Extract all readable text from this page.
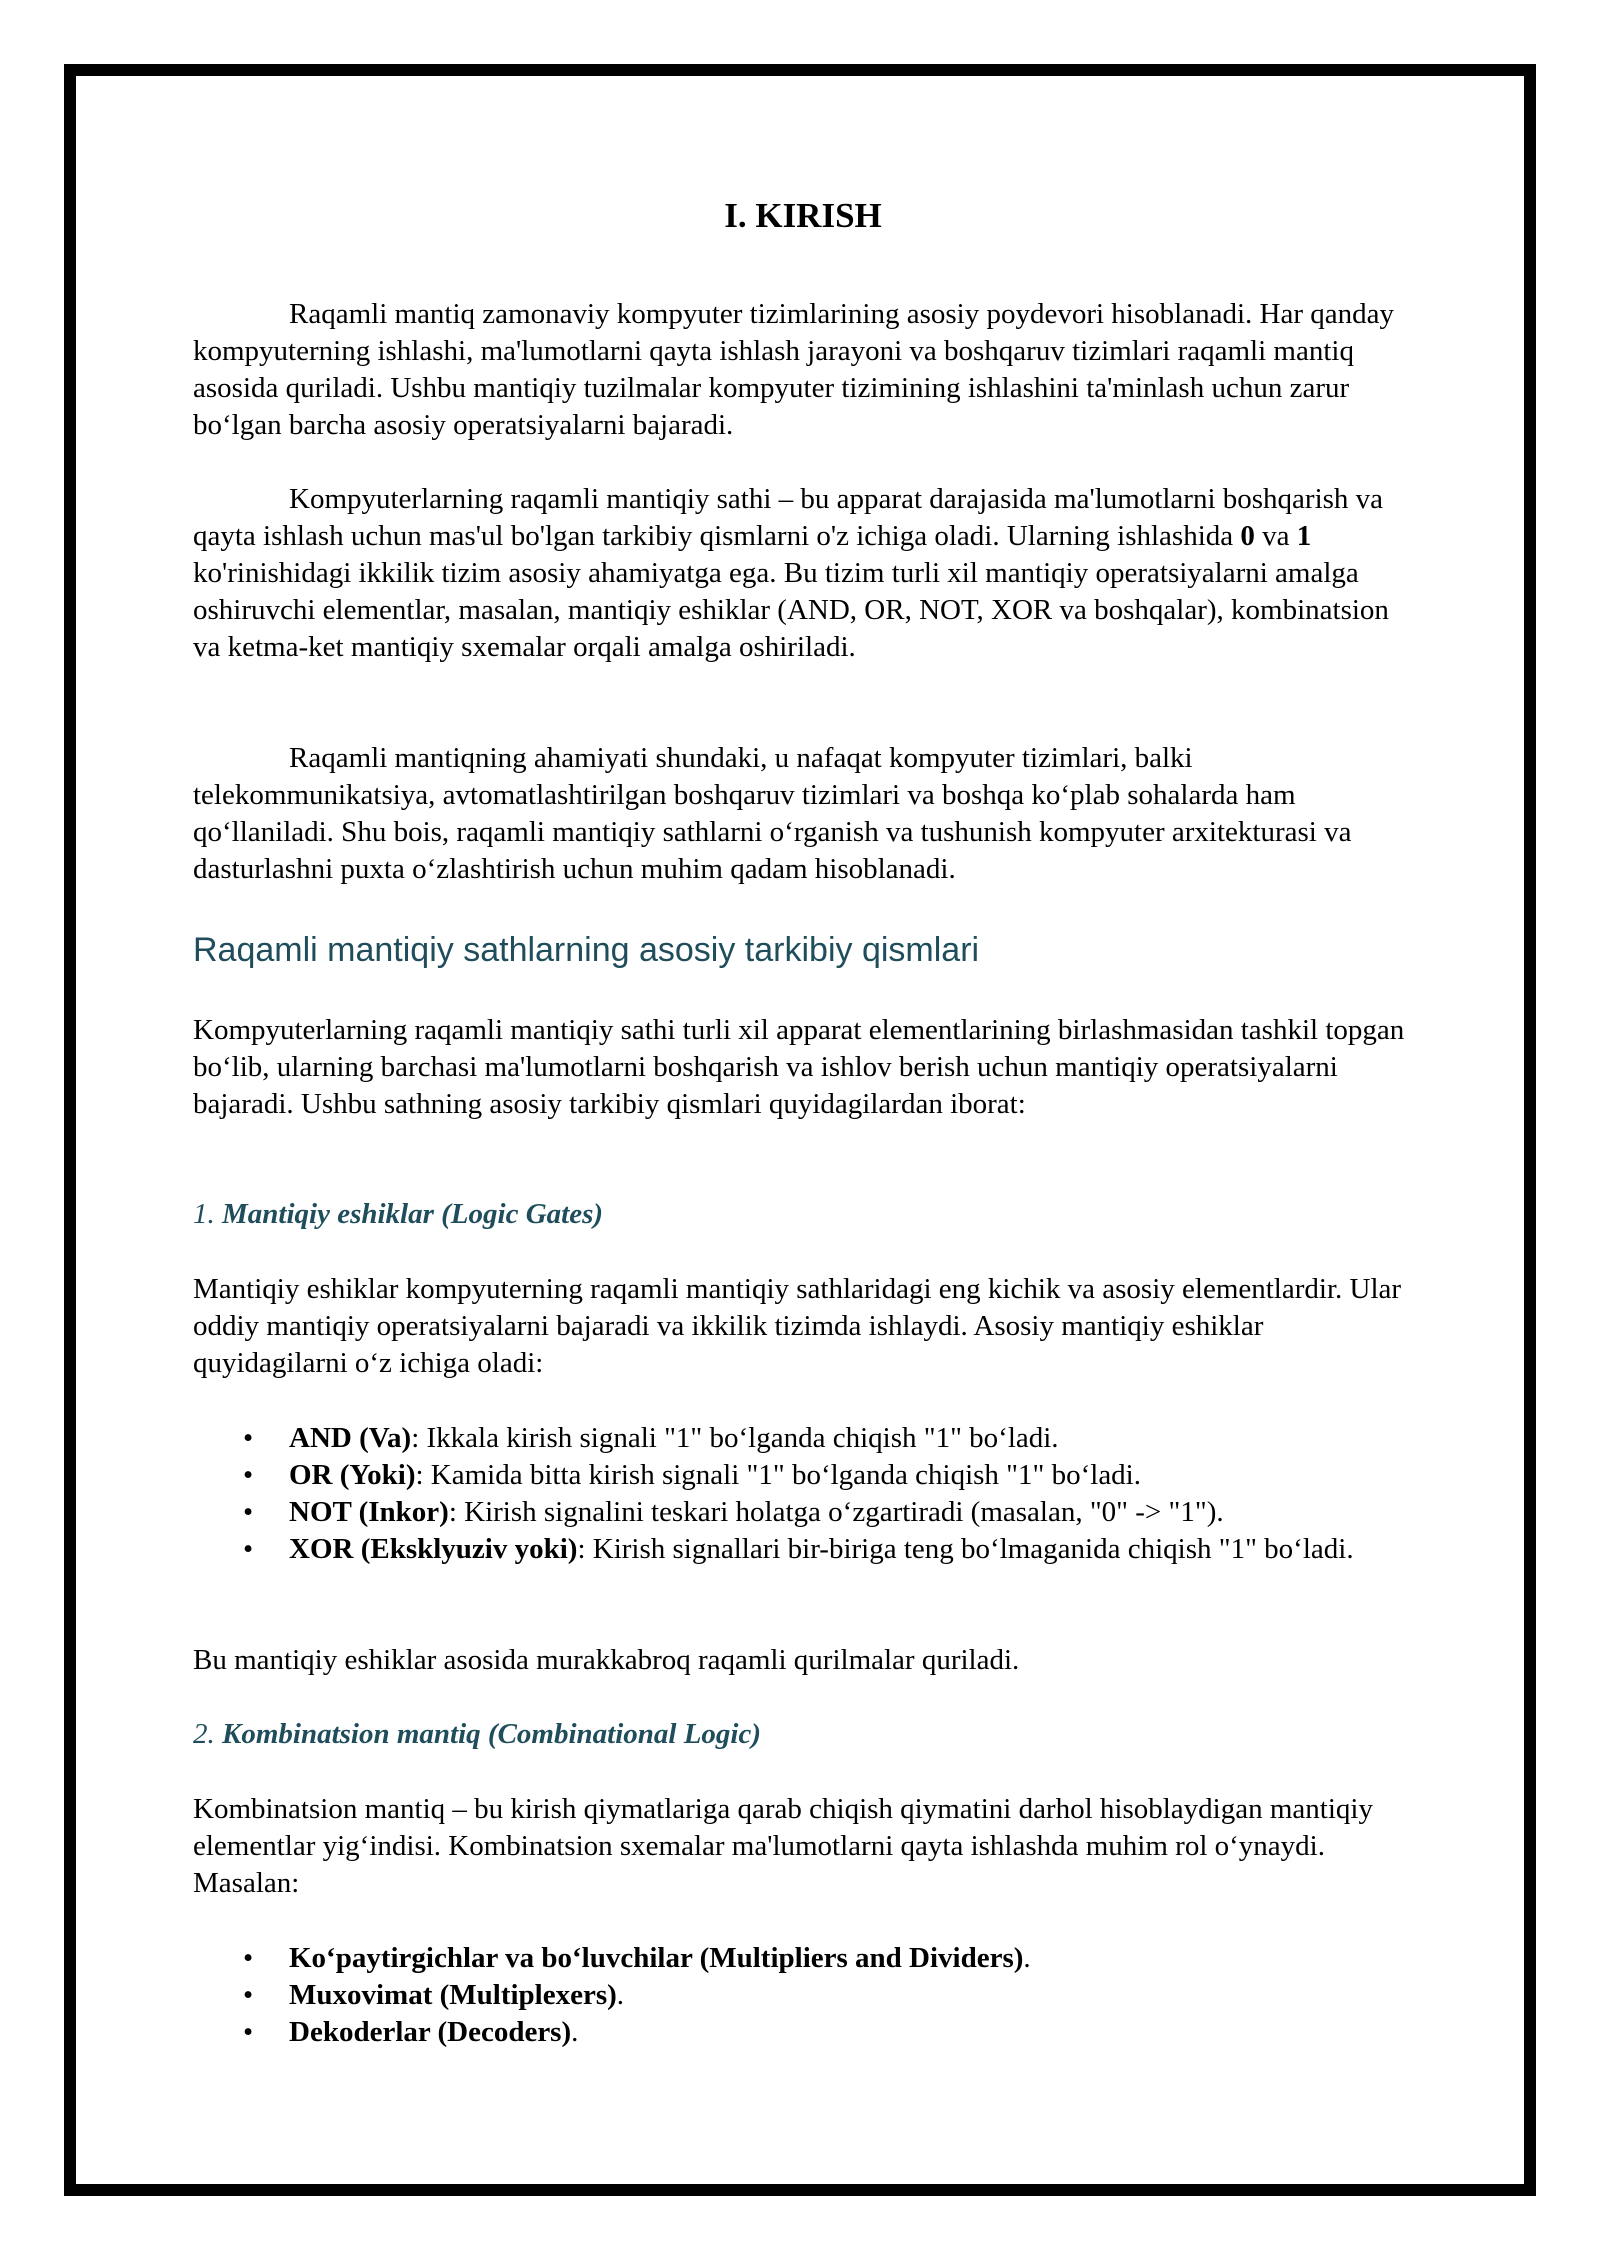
I. KIRISH

Raqamli mantiq zamonaviy kompyuter tizimlarining asosiy poydevori hisoblanadi. Har qanday kompyuterning ishlashi, ma'lumotlarni qayta ishlash jarayoni va boshqaruv tizimlari raqamli mantiq asosida quriladi. Ushbu mantiqiy tuzilmalar kompyuter tizimining ishlashini ta'minlash uchun zarur bo‘lgan barcha asosiy operatsiyalarni bajaradi.

Kompyuterlarning raqamli mantiqiy sathi – bu apparat darajasida ma'lumotlarni boshqarish va qayta ishlash uchun mas'ul bo'lgan tarkibiy qismlarni o'z ichiga oladi. Ularning ishlashida 0 va 1 ko'rinishidagi ikkilik tizim asosiy ahamiyatga ega. Bu tizim turli xil mantiqiy operatsiyalarni amalga oshiruvchi elementlar, masalan, mantiqiy eshiklar (AND, OR, NOT, XOR va boshqalar), kombinatsion va ketma-ket mantiqiy sxemalar orqali amalga oshiriladi.

Raqamli mantiqning ahamiyati shundaki, u nafaqat kompyuter tizimlari, balki telekommunikatsiya, avtomatlashtirilgan boshqaruv tizimlari va boshqa ko‘plab sohalarda ham qo‘llaniladi. Shu bois, raqamli mantiqiy sathlarni o‘rganish va tushunish kompyuter arxitekturasi va dasturlashni puxta o‘zlashtirish uchun muhim qadam hisoblanadi.

Raqamli mantiqiy sathlarning asosiy tarkibiy qismlari

Kompyuterlarning raqamli mantiqiy sathi turli xil apparat elementlarining birlashmasidan tashkil topgan bo‘lib, ularning barchasi ma'lumotlarni boshqarish va ishlov berish uchun mantiqiy operatsiyalarni bajaradi. Ushbu sathning asosiy tarkibiy qismlari quyidagilardan iborat:

1. Mantiqiy eshiklar (Logic Gates)

Mantiqiy eshiklar kompyuterning raqamli mantiqiy sathlaridagi eng kichik va asosiy elementlardir. Ular oddiy mantiqiy operatsiyalarni bajaradi va ikkilik tizimda ishlaydi. Asosiy mantiqiy eshiklar quyidagilarni o‘z ichiga oladi:

• AND (Va): Ikkala kirish signali "1" bo‘lganda chiqish "1" bo‘ladi.
• OR (Yoki): Kamida bitta kirish signali "1" bo‘lganda chiqish "1" bo‘ladi.
• NOT (Inkor): Kirish signalini teskari holatga o‘zgartiradi (masalan, "0" -> "1").
• XOR (Eksklyuziv yoki): Kirish signallari bir-biriga teng bo‘lmaganida chiqish "1" bo‘ladi.

Bu mantiqiy eshiklar asosida murakkabroq raqamli qurilmalar quriladi.

2. Kombinatsion mantiq (Combinational Logic)

Kombinatsion mantiq – bu kirish qiymatlariga qarab chiqish qiymatini darhol hisoblaydigan mantiqiy elementlar yig‘indisi. Kombinatsion sxemalar ma'lumotlarni qayta ishlashda muhim rol o‘ynaydi. Masalan:

• Ko‘paytirgichlar va bo‘luvchilar (Multipliers and Dividers).
• Muxovimat (Multiplexers).
• Dekoderlar (Decoders).
